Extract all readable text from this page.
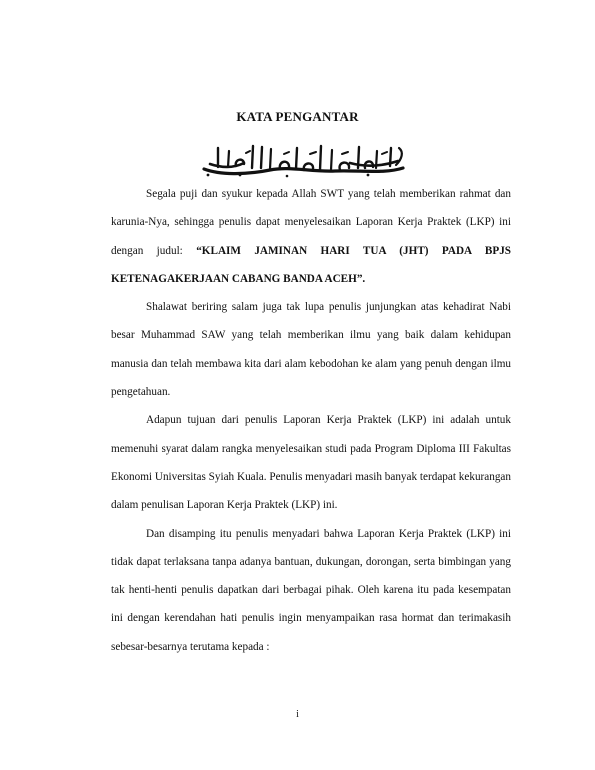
KATA PENGANTAR

Segala puji dan syukur kepada Allah SWT yang telah memberikan rahmat dan karunia-Nya, sehingga penulis dapat menyelesaikan Laporan Kerja Praktek (LKP) ini dengan judul: “KLAIM JAMINAN HARI TUA (JHT) PADA BPJS KETENAGAKERJAAN CABANG BANDA ACEH”.

Shalawat beriring salam juga tak lupa penulis junjungkan atas kehadirat Nabi besar Muhammad SAW yang telah memberikan ilmu yang baik dalam kehidupan manusia dan telah membawa kita dari alam kebodohan ke alam yang penuh dengan ilmu pengetahuan.

Adapun tujuan dari penulis Laporan Kerja Praktek (LKP) ini adalah untuk memenuhi syarat dalam rangka menyelesaikan studi pada Program Diploma III Fakultas Ekonomi Universitas Syiah Kuala. Penulis menyadari masih banyak terdapat kekurangan dalam penulisan Laporan Kerja Praktek (LKP) ini.

Dan disamping itu penulis menyadari bahwa Laporan Kerja Praktek (LKP) ini tidak dapat terlaksana tanpa adanya bantuan, dukungan, dorongan, serta bimbingan yang tak henti-henti penulis dapatkan dari berbagai pihak. Oleh karena itu pada kesempatan ini dengan kerendahan hati penulis ingin menyampaikan rasa hormat dan terimakasih sebesar-besarnya terutama kepada :

i
